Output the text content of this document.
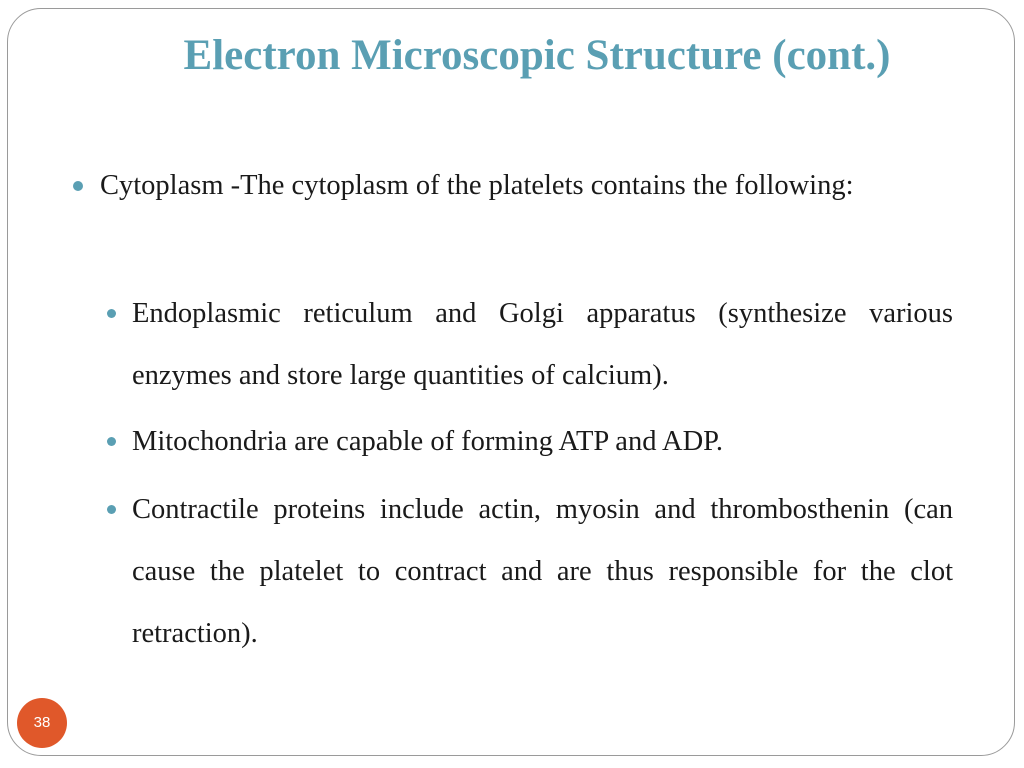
Electron Microscopic Structure (cont.)
Cytoplasm -The cytoplasm of the platelets contains the following:
Endoplasmic reticulum and Golgi apparatus (synthesize various enzymes and store large quantities of calcium).
Mitochondria are capable of forming ATP and ADP.
Contractile proteins include actin, myosin and thrombosthenin (can cause the platelet to contract and are thus responsible for the clot retraction).
38
